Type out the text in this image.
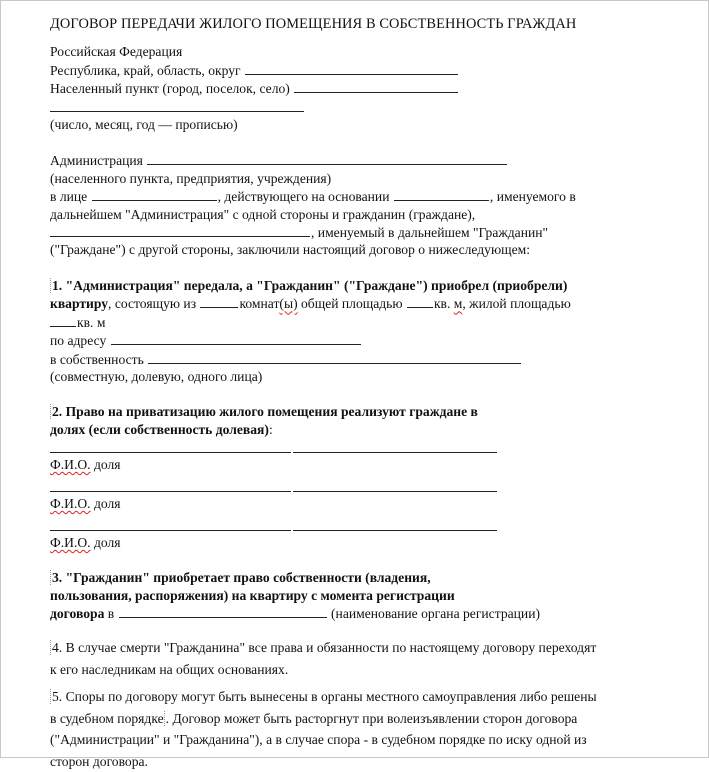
ДОГОВОР ПЕРЕДАЧИ ЖИЛОГО ПОМЕЩЕНИЯ В СОБСТВЕННОСТЬ ГРАЖДАН
Российская Федерация
Республика, край, область, округ
Населенный пункт (город, поселок, село)
(число, месяц, год — прописью)
Администрация
(населенного пункта, предприятия, учреждения)
в лице	, действующего на основании	, именуемого в
дальнейшем "Администрация" с одной стороны и гражданин (граждане),
, именуемый в дальнейшем "Гражданин"
("Граждане") с другой стороны, заключили настоящий договор о нижеследующем:
1. "Администрация" передала, а "Гражданин" ("Граждане") приобрел (приобрели)
квартиру, состоящую из	комнат(ы) общей площадью кв. м, жилой площадью
кв. м
по адресу
в собственность
(совместную, долевую, одного лица)
2. Право на приватизацию жилого помещения реализуют граждане в
долях (если собственность долевая):
Ф.И.О. доля
Ф.И.О. доля
Ф.И.О. доля
3. "Гражданин" приобретает право собственности (владения,
пользования, распоряжения) на квартиру с момента регистрации
договора в	(наименование органа регистрации)

4. В случае смерти "Гражданина" все права и обязанности по настоящему договору переходят
к его наследникам на общих основаниях.

5. Споры по договору могут быть вынесены в органы местного самоуправления либо решены
в судебном порядке . Договор может быть расторгнут при волеизъявлении сторон договора
("Администрации" и "Гражданина"), а в случае спора - в судебном порядке по иску одной из
сторон договора.
